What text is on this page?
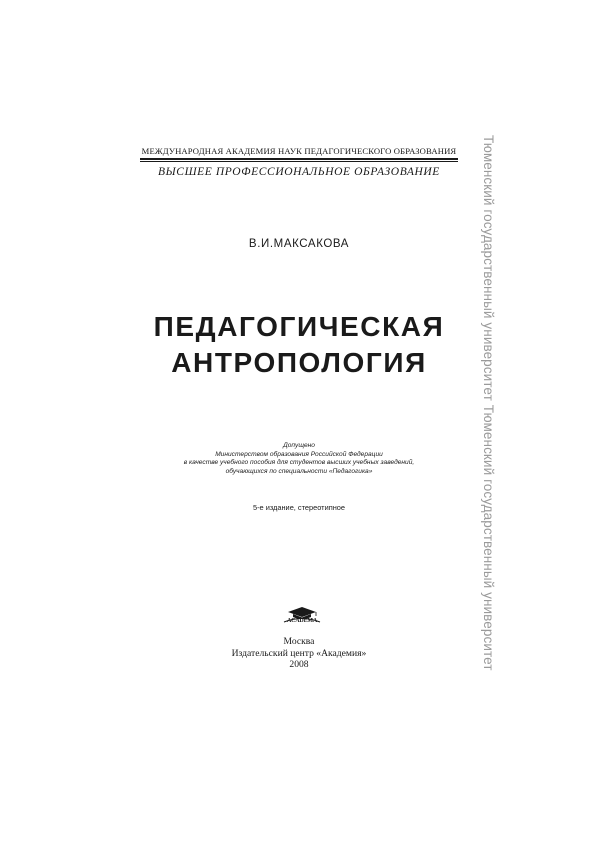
МЕЖДУНАРОДНАЯ АКАДЕМИЯ НАУК ПЕДАГОГИЧЕСКОГО ОБРАЗОВАНИЯ
ВЫСШЕЕ ПРОФЕССИОНАЛЬНОЕ ОБРАЗОВАНИЕ
В.И.МАКСАКОВА
ПЕДАГОГИЧЕСКАЯ
АНТРОПОЛОГИЯ
Допущено
Министерством образования Российской Федерации
в качестве учебного пособия для студентов высших учебных заведений,
обучающихся по специальности «Педагогика»
5-е издание, стереотипное
ACADEMA
Москва
Издательский центр «Академия»
2008	Тюменский государственный университет Тюменский государственный университет
